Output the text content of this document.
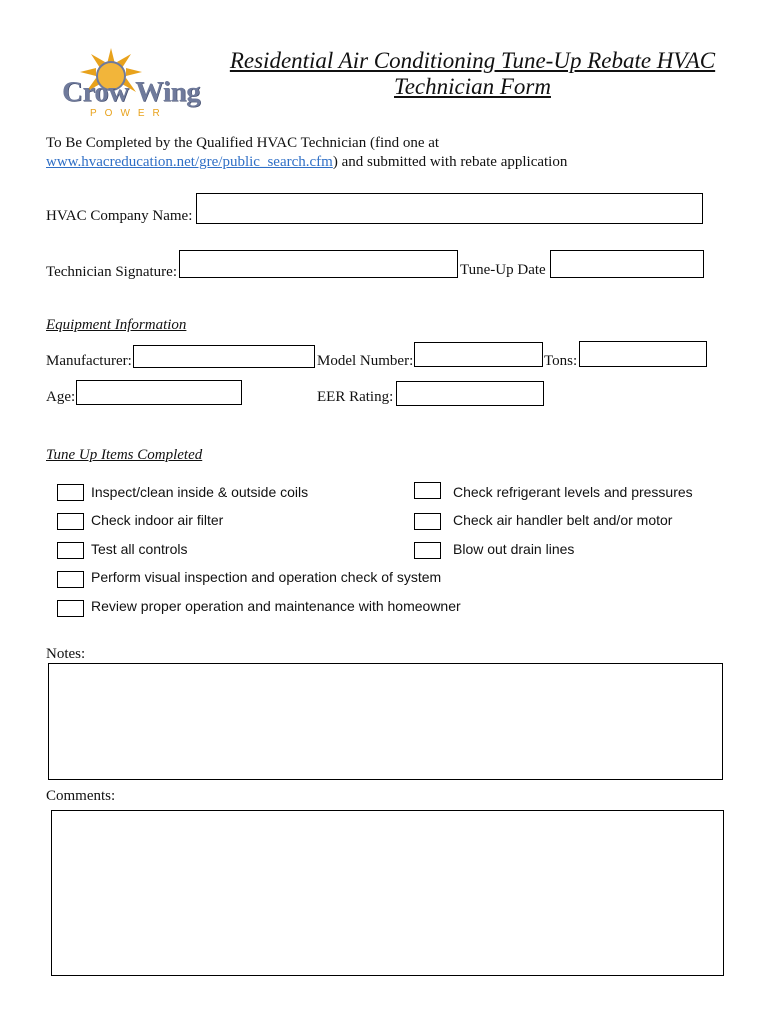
Crow Wing
POWER
Residential Air Conditioning Tune-Up Rebate HVAC Technician Form
To Be Completed by the Qualified HVAC Technician (find one at
www.hvacreducation.net/gre/public_search.cfm) and submitted with rebate application
HVAC Company Name:
Technician Signature:	Tune-Up Date
Equipment Information
Manufacturer:	Model Number:	Tons:
Age:	EER Rating:
Tune Up Items Completed
Inspect/clean inside & outside coils	Check refrigerant levels and pressures
Check indoor air filter	Check air handler belt and/or motor
Test all controls	Blow out drain lines
Perform visual inspection and operation check of system
Review proper operation and maintenance with homeowner
Notes:
Comments:
